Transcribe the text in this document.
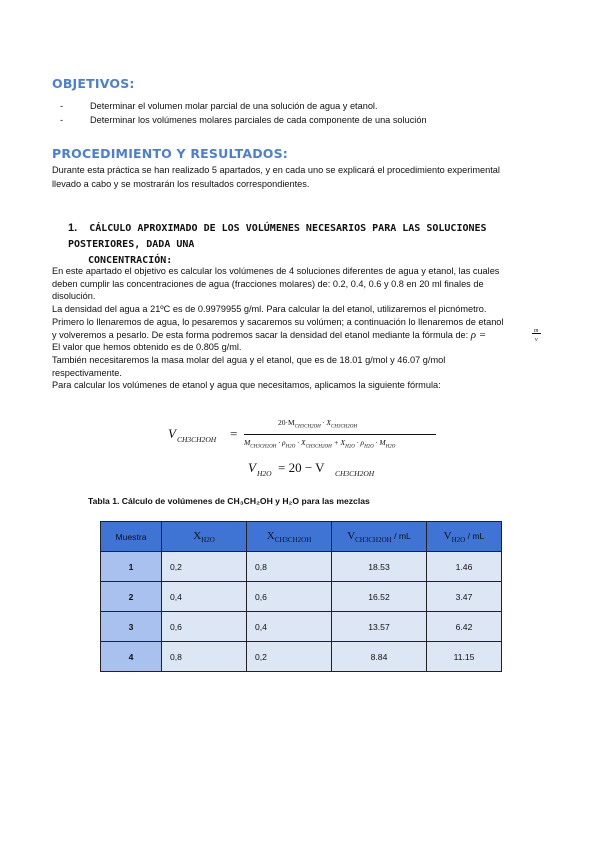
OBJETIVOS:
-	Determinar el volumen molar parcial de una solución de agua y etanol.
-	Determinar los volúmenes molares parciales de cada componente de una solución
PROCEDIMIENTO Y RESULTADOS:
Durante esta práctica se han realizado 5 apartados, y en cada uno se explicará el procedimiento experimental
llevado a cabo y se mostrarán los resultados correspondientes.
1. CÁLCULO APROXIMADO DE LOS VOLÚMENES NECESARIOS PARA LAS SOLUCIONES POSTERIORES, DADA UNA
CONCENTRACIÓN:
En este apartado el objetivo es calcular los volúmenes de 4 soluciones diferentes de agua y etanol, las cuales
deben cumplir las concentraciones de agua (fracciones molares) de: 0.2, 0.4, 0.6 y 0.8 en 20 ml finales de
disolución.
La densidad del agua a 21ºC es de 0.9979955 g/ml. Para calcular la del etanol, utilizaremos el picnómetro.
Primero lo llenaremos de agua, lo pesaremos y sacaremos su volúmen; a continuación lo llenaremos de etanol
y volveremos a pesarlo. De esta forma podremos sacar la densidad del etanol mediante la fórmula de: ρ =	m
v
El valor que hemos obtenido es de 0.805 g/ml.
También necesitaremos la masa molar del agua y el etanol, que es de 18.01 g/mol y 46.07 g/mol
respectivamente.
Para calcular los volúmenes de etanol y agua que necesitamos, aplicamos la siguiente fórmula:
V CH3CH2OH =
$20\cdot M_{CH3CH2OH} \cdot X_{CH3CH2OH}$
$M_{CH3CH2OH} \cdot \rho_{H2O} \cdot X_{CH3CH2OH} + X_{H2O} \cdot \rho_{H2O} \cdot M_{H2O}$
V H2O = 20 − V CH3CH2OH
Tabla 1. Cálculo de volúmenes de CH₃CH₂OH y H₂O para las mezclas
Muestra	$X_{H2O}$	$X_{CH3CH2OH}$	$V_{CH3CH2OH}$ / mL	$V_{H2O}$ / mL
1	0,2	0,8	18.53	1.46
2	0,4	0,6	16.52	3.47
3	0,6	0,4	13.57	6.42
4	0,8	0,2	8.84	11.15
